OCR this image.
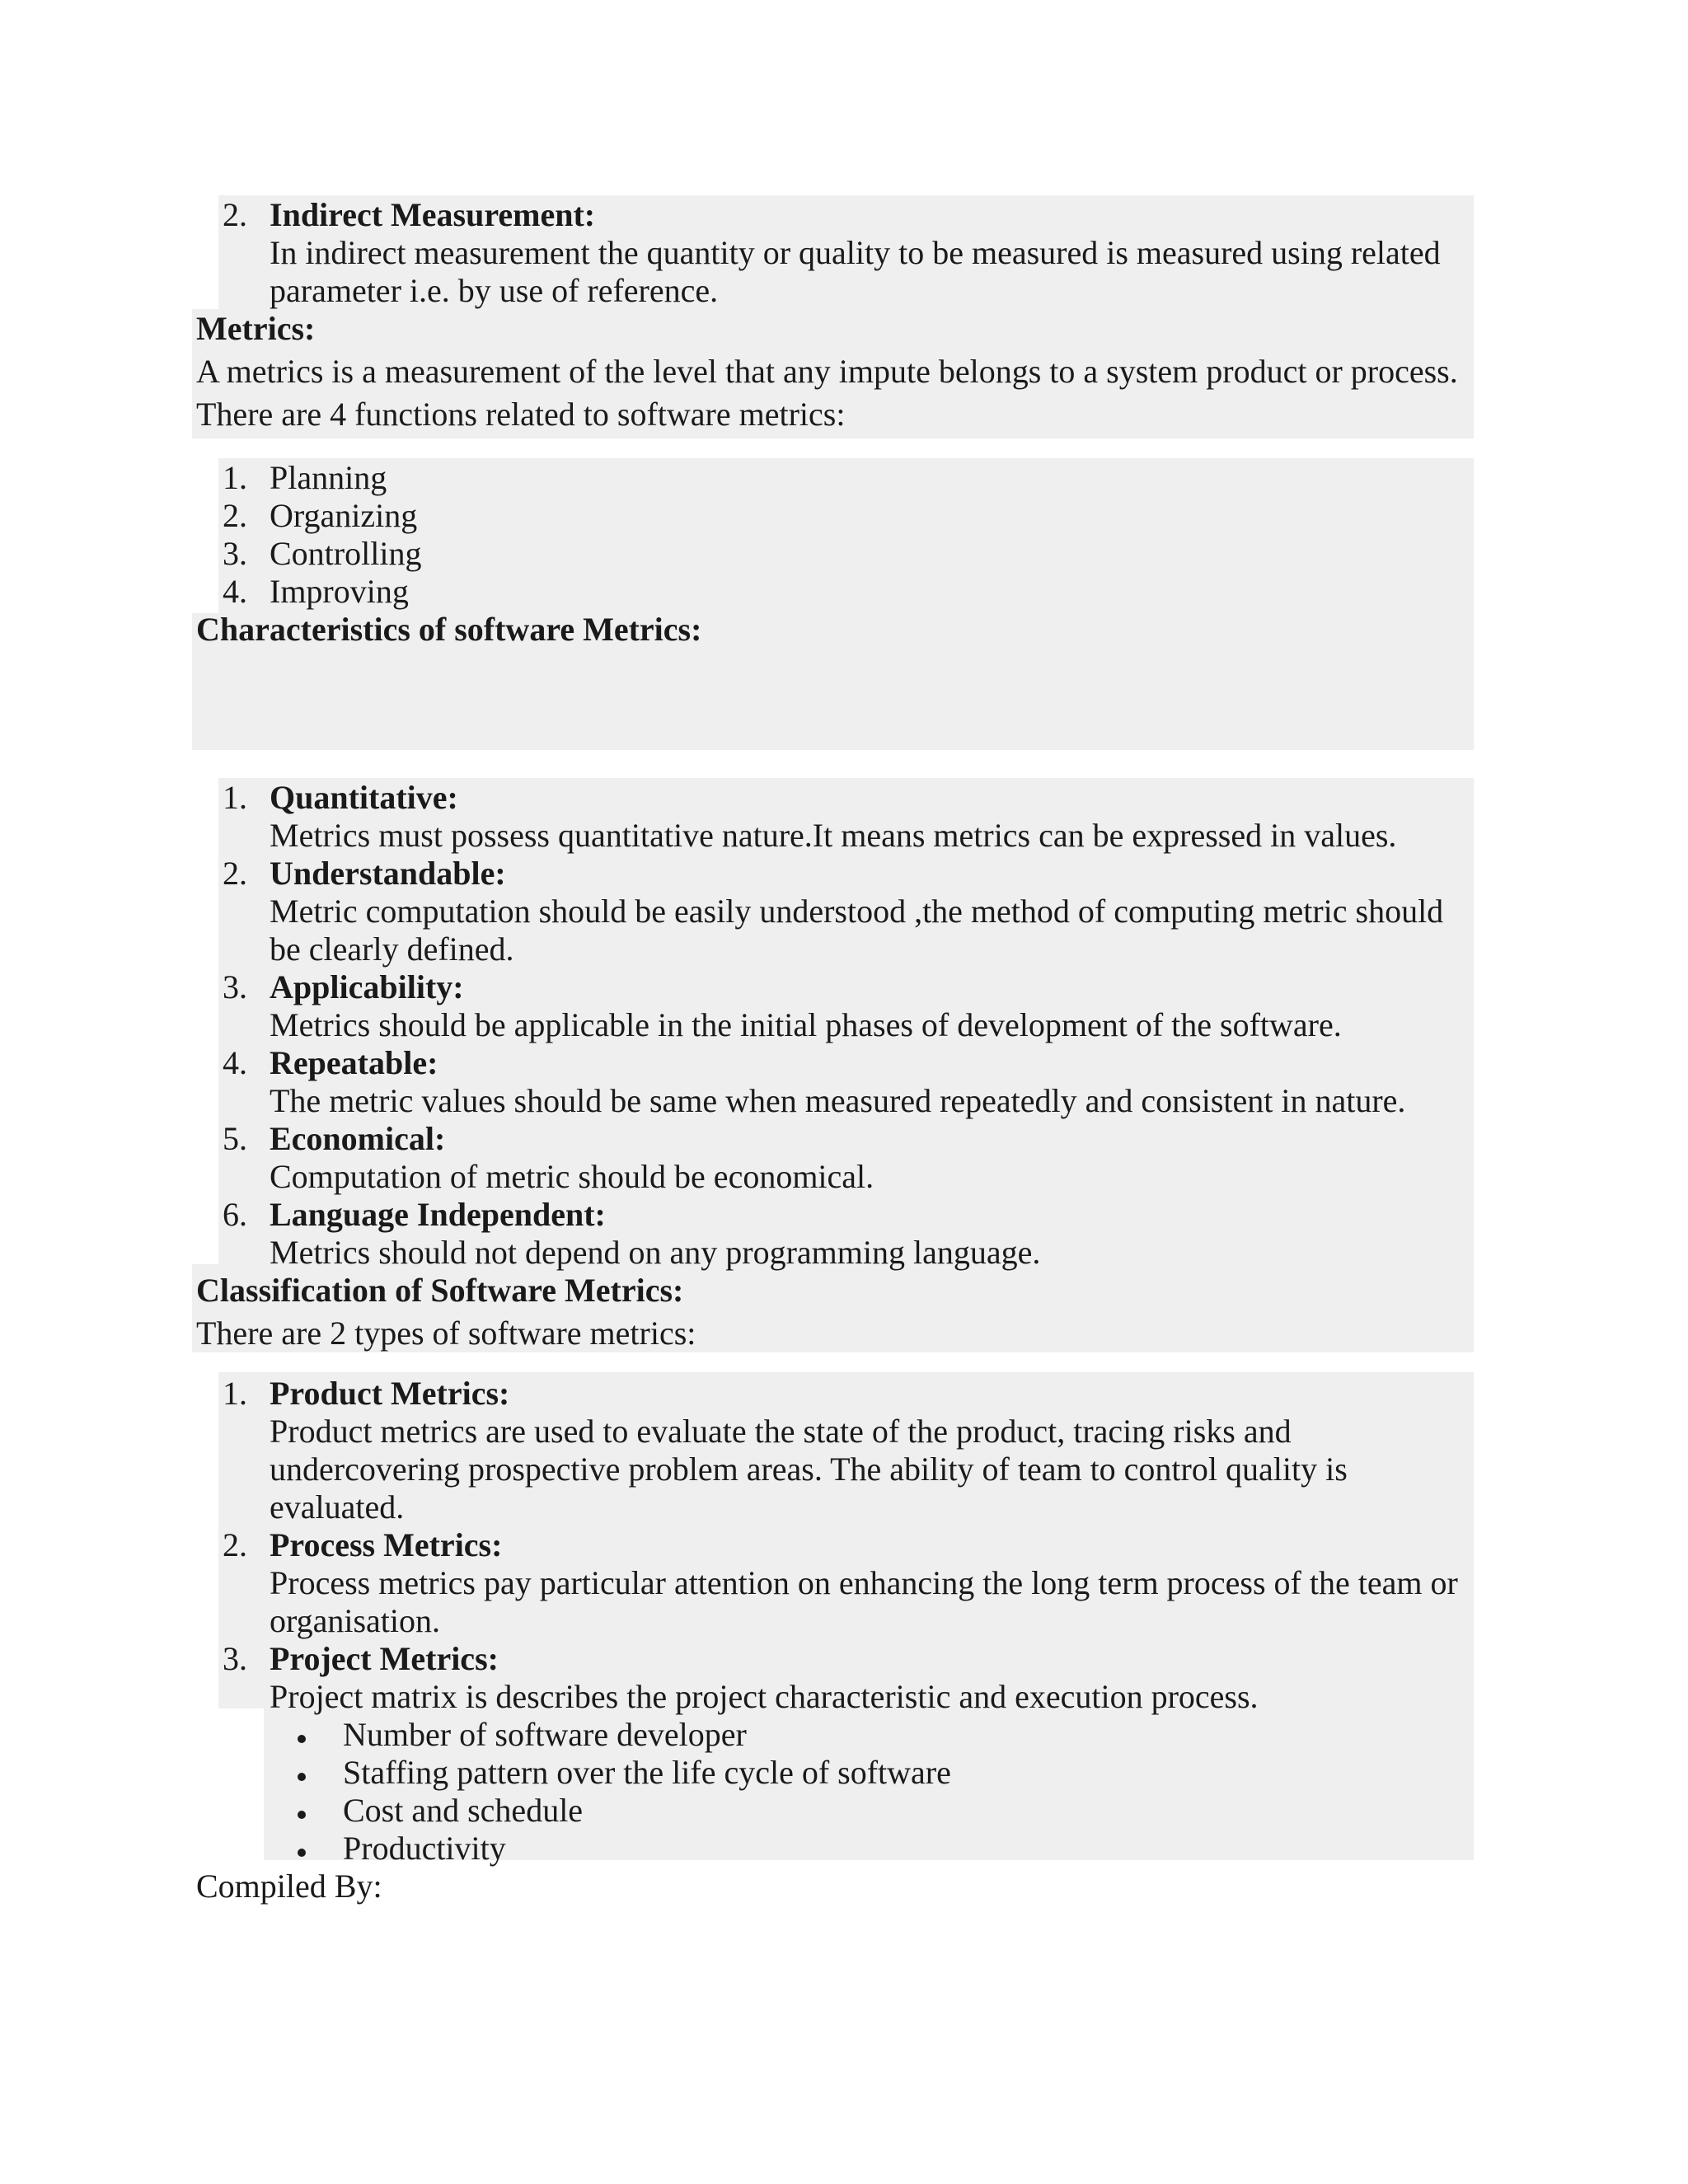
2. Indirect Measurement:
In indirect measurement the quantity or quality to be measured is measured using related
parameter i.e. by use of reference.
Metrics:
A metrics is a measurement of the level that any impute belongs to a system product or process.
There are 4 functions related to software metrics:
1. Planning
2. Organizing
3. Controlling
4. Improving
Characteristics of software Metrics:
1. Quantitative:
Metrics must possess quantitative nature.It means metrics can be expressed in values.
2. Understandable:
Metric computation should be easily understood ,the method of computing metric should
be clearly defined.
3. Applicability:
Metrics should be applicable in the initial phases of development of the software.
4. Repeatable:
The metric values should be same when measured repeatedly and consistent in nature.
5. Economical:
Computation of metric should be economical.
6. Language Independent:
Metrics should not depend on any programming language.
Classification of Software Metrics:
There are 2 types of software metrics:
1. Product Metrics:
Product metrics are used to evaluate the state of the product, tracing risks and
undercovering prospective problem areas. The ability of team to control quality is
evaluated.
2. Process Metrics:
Process metrics pay particular attention on enhancing the long term process of the team or
organisation.
3. Project Metrics:
Project matrix is describes the project characteristic and execution process.
Number of software developer
Staffing pattern over the life cycle of software
Cost and schedule
Productivity
Compiled By:
